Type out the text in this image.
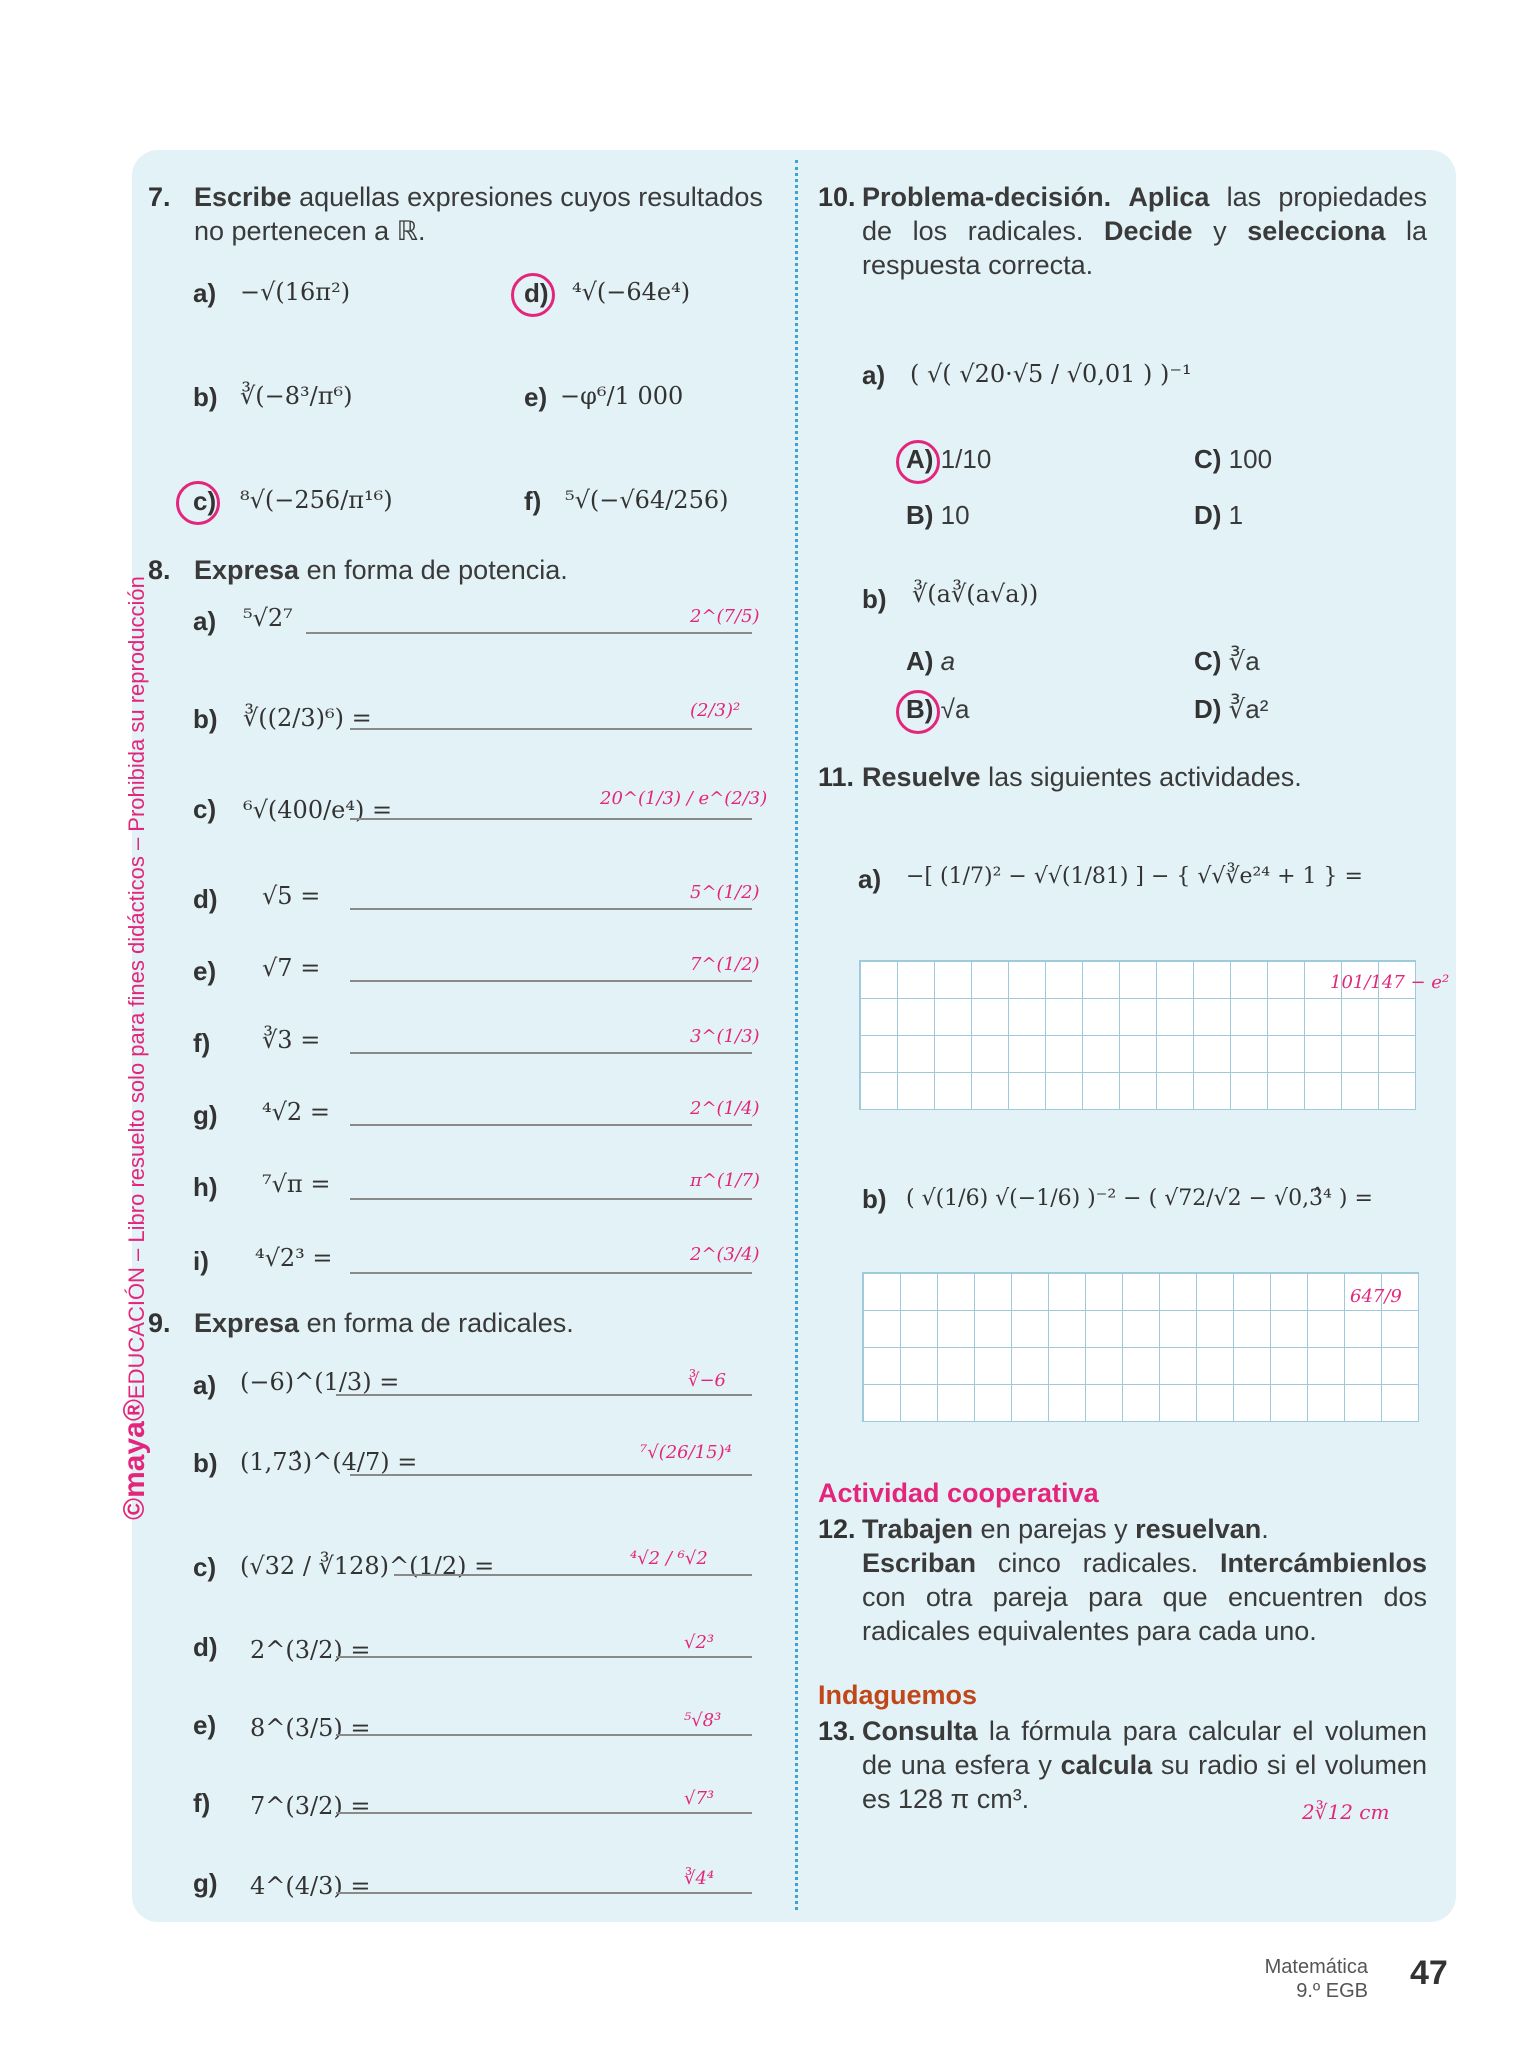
©maya®EDUCACIÓN – Libro resuelto solo para fines didácticos – Prohibida su reproducción
7. Escribe aquellas expresiones cuyos resultados no pertenecen a ℝ.
a) −√(16π²)
b) ∛(−8³/π⁶)
c) ⁸√(−256/π¹⁶)
d) ⁴√(−64e⁴)
e) −φ⁶/1 000
f) ⁵√(−√64/256)
8. Expresa en forma de potencia.
a) ⁵√2⁷	2^(7/5)
b) ∛((2/3)⁶) =	(2/3)²
c) ⁶√(400/e⁴) =	20^(1/3) / e^(2/3)
d) √5 =	5^(1/2)
e) √7 =	7^(1/2)
f) ∛3 =	3^(1/3)
g) ⁴√2 =	2^(1/4)
h) ⁷√π =	π^(1/7)
i) ⁴√2³ =	2^(3/4)
9. Expresa en forma de radicales.
a) (−6)^(1/3) =	∛−6
b) (1,73̂)^(4/7) =	⁷√(26/15)⁴
c) (√32 / ∛128)^(1/2) =	⁴√2 / ⁶√2
d) 2^(3/2) =	√2³
e) 8^(3/5) =	⁵√8³
f) 7^(3/2) =	√7³
g) 4^(4/3) =	∛4⁴
10. Problema-decisión. Aplica las propiedades de los radicales. Decide y selecciona la respuesta correcta.
a) ( √( √20·√5 / √0,01 ) )⁻¹
A) 1/10
B) 10
C) 100
D) 1
b) ∛(a∛(a√a))
A) a
B) √a
C) ∛a
D) ∛a²
11. Resuelve las siguientes actividades.
a) −[ (1/7)² − √√(1/81) ] − { √√∛e²⁴ + 1 } =
101/147 − e²
b) ( √(1/6) √(−1/6) )⁻² − ( √72/√2 − √0,3̂⁴ ) =
647/9
Actividad cooperativa
12. Trabajen en parejas y resuelvan.
Escriban cinco radicales. Intercámbienlos con otra pareja para que encuentren dos radicales equivalentes para cada uno.
Indaguemos
13. Consulta la fórmula para calcular el volumen de una esfera y calcula su radio si el volumen es 128 π cm³.	2∛12 cm
Matemática
9.º EGB 47
